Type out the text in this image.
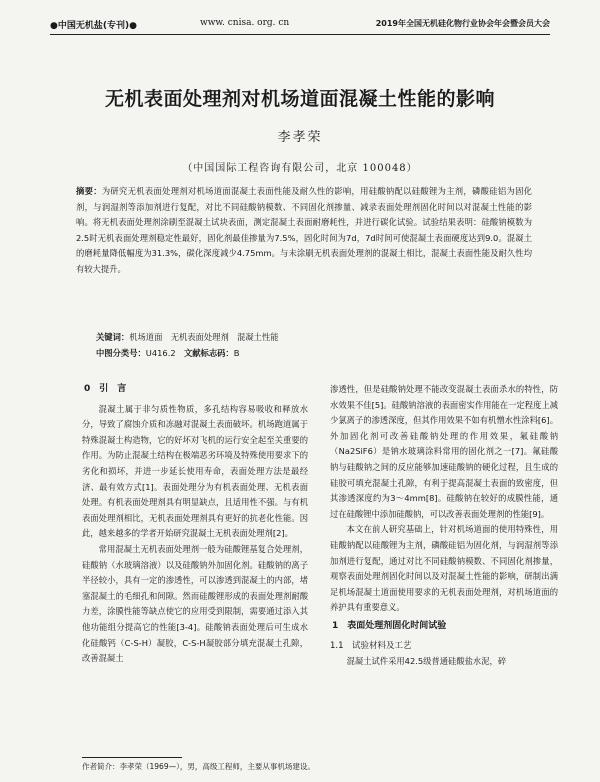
●中国无机盐(专刊)●	www. cnisa. org. cn	2019年全国无机硅化物行业协会年会暨会员大会
无机表面处理剂对机场道面混凝土性能的影响
李孝荣
（中国国际工程咨询有限公司，北京 100048）
摘要：为研究无机表面处理剂对机场道面混凝土表面性能及耐久性的影响，用硅酸钠配以硅酸锂为主剂，磷酸硅铝为固化剂，与润湿剂等添加剂进行复配，对比不同硅酸钠模数、不同固化剂掺量、减录表面处理剂固化时间以对混凝土性能的影响。将无机表面处理剂涂刷至混凝土试块表面，测定混凝土表面耐磨耗性，并进行碳化试验。试验结果表明：硅酸钠模数为2.5时无机表面处理剂稳定性最好，固化剂最佳掺量为7.5%，固化时间为7d，7d时间可使混凝土表面硬度达到9.0。混凝土的磨耗量降低幅度为31.3%，碳化深度减少4.75mm。与未涂刷无机表面处理剂的混凝土相比，混凝土表面性能及耐久性均有较大提升。
关键词：机场道面　无机表面处理剂　混凝土性能
中图分类号：U416.2　 文献标志码：B
0　引　言

混凝土属于非匀质性物质，多孔结构容易吸收和释放水分，导致了腐蚀介质和冻融对混凝土表面破坏。机场跑道属于特殊混凝土构造物，它的好坏对飞机的运行安全起至关重要的作用。为防止混凝土结构在极端恶劣环境及特殊使用要求下的劣化和损坏，并进一步延长使用寿命，表面处理方法是最经济、最有效方式[1]。表面处理分为有机表面处理、无机表面处理。有机表面处理剂具有明显缺点，且适用性不强。与有机表面处理剂相比，无机表面处理剂具有更好的抗老化性能。因此，越来越多的学者开始研究混凝土无机表面处理剂[2]。

常用混凝土无机表面处理剂一般为硅酸锂基复合处理剂，硅酸钠（水玻璃溶液）以及硅酸钠外加固化剂。硅酸钠的离子半径较小，具有一定的渗透性，可以渗透到混凝土的内部，堵塞混凝土的毛细孔和间隙。然而硅酸锂形成的表面处理剂耐酸力差，涂膜性能等缺点使它的应用受到限制，需要通过添入其他功能组分提高它的性能[3-4]。硅酸钠表面处理后可生成水化硅酸钙（C-S-H）凝胶，C-S-H凝胶部分填充混凝土孔隙，改善混凝土

渗透性，但是硅酸钠处理不能改变混凝土表面杀水的特性，防水效果不佳[5]。硅酸钠溶液的表面密实作用能在一定程度上减少氯离子的渗透深度，但其作用效果不如有机憎水性涂料[6]。外加固化剂可改善硅酸钠处理的作用效果，氟硅酸钠（Na2SiF6）是钠水玻璃涂料常用的固化剂之一[7]。氟硅酸钠与硅酸钠之间的反应能够加速硅酸钠的硬化过程，且生成的硅胶可填充混凝土孔隙，有利于提高混凝土表面的致密度，但其渗透深度约为3～4mm[8]。硅酸钠在较好的成膜性能，通过在硅酸锂中添加硅酸钠，可以改善表面处理剂的性能[9]。

本文在前人研究基础上，针对机场道面的使用特殊性，用硅酸钠配以硅酸锂为主剂，磷酸硅铝为固化剂，与润湿剂等添加剂进行复配，通过对比不同硅酸钠模数、不同固化剂掺量，观察表面处理剂固化时间以及对混凝土性能的影响，研制出满足机场混凝土道面使用要求的无机表面处理剂，对机场道面的养护具有重要意义。

1　表面处理剂固化时间试验
1.1　试验材料及工艺

混凝土试件采用42.5级普通硅酸盐水泥，碎

作者简介：李孝荣（1969—），男，高级工程师，主要从事机场建设。
